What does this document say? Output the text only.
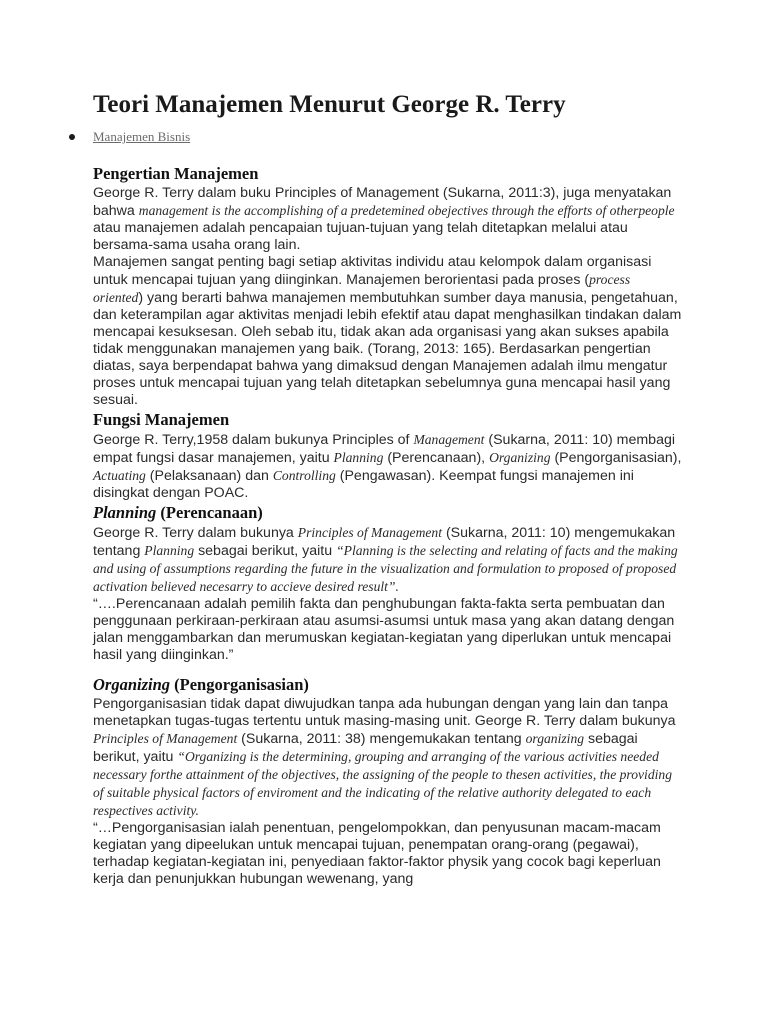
Teori Manajemen Menurut George R. Terry
Manajemen Bisnis
Pengertian Manajemen

George R. Terry dalam buku Principles of Management (Sukarna, 2011:3), juga menyatakan bahwa management is the accomplishing of a predetemined obejectives through the efforts of otherpeople atau manajemen adalah pencapaian tujuan-tujuan yang telah ditetapkan melalui atau bersama-sama usaha orang lain.

Manajemen sangat penting bagi setiap aktivitas individu atau kelompok dalam organisasi untuk mencapai tujuan yang diinginkan. Manajemen berorientasi pada proses (process oriented) yang berarti bahwa manajemen membutuhkan sumber daya manusia, pengetahuan, dan keterampilan agar aktivitas menjadi lebih efektif atau dapat menghasilkan tindakan dalam mencapai kesuksesan. Oleh sebab itu, tidak akan ada organisasi yang akan sukses apabila tidak menggunakan manajemen yang baik. (Torang, 2013: 165). Berdasarkan pengertian diatas, saya berpendapat bahwa yang dimaksud dengan Manajemen adalah ilmu mengatur proses untuk mencapai tujuan yang telah ditetapkan sebelumnya guna mencapai hasil yang sesuai.

Fungsi Manajemen

George R. Terry,1958 dalam bukunya Principles of Management (Sukarna, 2011: 10) membagi empat fungsi dasar manajemen, yaitu Planning (Perencanaan), Organizing (Pengorganisasian), Actuating (Pelaksanaan) dan Controlling (Pengawasan). Keempat fungsi manajemen ini disingkat dengan POAC.

Planning (Perencanaan)

George R. Terry dalam bukunya Principles of Management (Sukarna, 2011: 10) mengemukakan tentang Planning sebagai berikut, yaitu “Planning is the selecting and relating of facts and the making and using of assumptions regarding the future in the visualization and formulation to proposed of proposed activation believed necesarry to accieve desired result”.

“….Perencanaan adalah pemilih fakta dan penghubungan fakta-fakta serta pembuatan dan penggunaan perkiraan-perkiraan atau asumsi-asumsi untuk masa yang akan datang dengan jalan menggambarkan dan merumuskan kegiatan-kegiatan yang diperlukan untuk mencapai hasil yang diinginkan.”

Organizing (Pengorganisasian)

Pengorganisasian tidak dapat diwujudkan tanpa ada hubungan dengan yang lain dan tanpa menetapkan tugas-tugas tertentu untuk masing-masing unit. George R. Terry dalam bukunya Principles of Management (Sukarna, 2011: 38) mengemukakan tentang organizing sebagai berikut, yaitu “Organizing is the determining, grouping and arranging of the various activities needed necessary forthe attainment of the objectives, the assigning of the people to thesen activities, the providing of suitable physical factors of enviroment and the indicating of the relative authority delegated to each respectives activity.

“…Pengorganisasian ialah penentuan, pengelompokkan, dan penyusunan macam-macam kegiatan yang dipeelukan untuk mencapai tujuan, penempatan orang-orang (pegawai), terhadap kegiatan-kegiatan ini, penyediaan faktor-faktor physik yang cocok bagi keperluan kerja dan penunjukkan hubungan wewenang, yang
